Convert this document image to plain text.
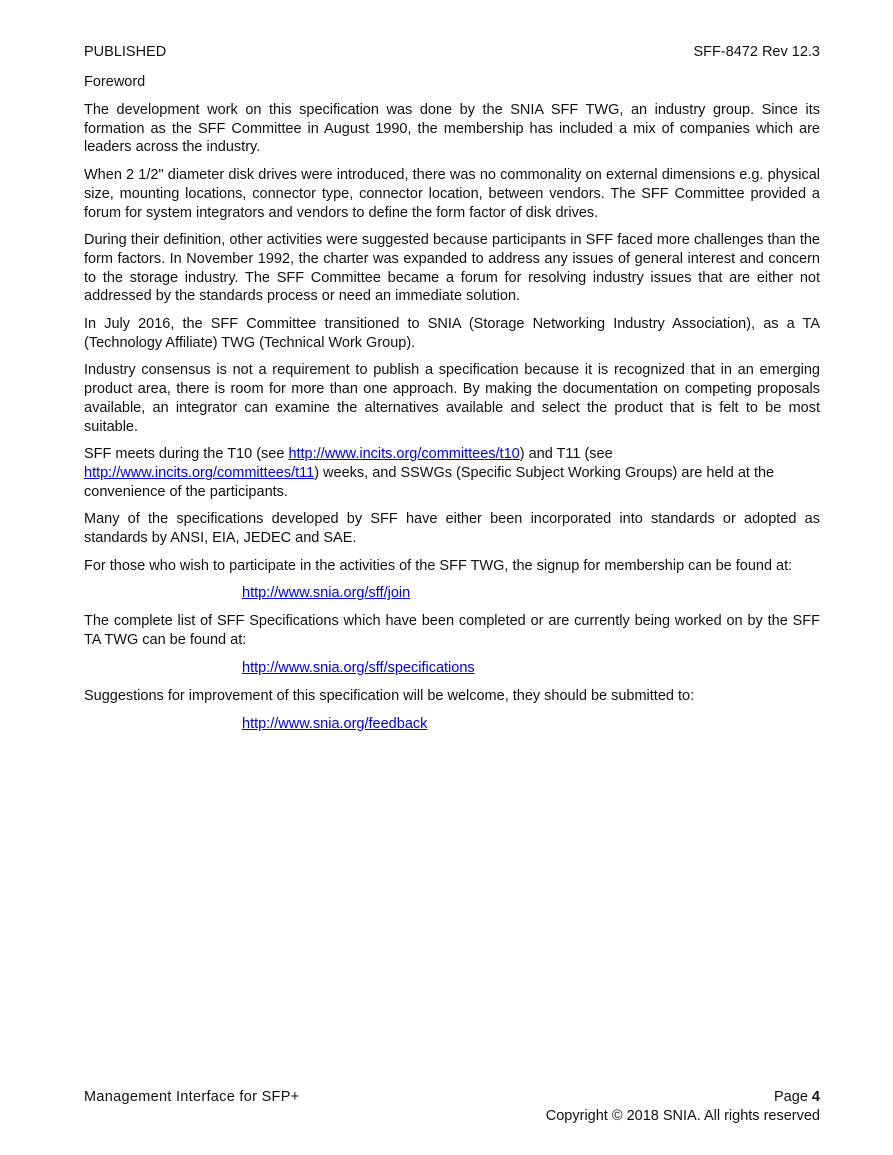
PUBLISHED	SFF-8472 Rev 12.3
Foreword

The development work on this specification was done by the SNIA SFF TWG, an industry group. Since its formation as the SFF Committee in August 1990, the membership has included a mix of companies which are leaders across the industry.

When 2 1/2" diameter disk drives were introduced, there was no commonality on external dimensions e.g. physical size, mounting locations, connector type, connector location, between vendors. The SFF Committee provided a forum for system integrators and vendors to define the form factor of disk drives.

During their definition, other activities were suggested because participants in SFF faced more challenges than the form factors. In November 1992, the charter was expanded to address any issues of general interest and concern to the storage industry. The SFF Committee became a forum for resolving industry issues that are either not addressed by the standards process or need an immediate solution.

In July 2016, the SFF Committee transitioned to SNIA (Storage Networking Industry Association), as a TA (Technology Affiliate) TWG (Technical Work Group).

Industry consensus is not a requirement to publish a specification because it is recognized that in an emerging product area, there is room for more than one approach. By making the documentation on competing proposals available, an integrator can examine the alternatives available and select the product that is felt to be most suitable.

SFF meets during the T10 (see http://www.incits.org/committees/t10) and T11 (see
http://www.incits.org/committees/t11) weeks, and SSWGs (Specific Subject Working Groups) are held at the convenience of the participants.

Many of the specifications developed by SFF have either been incorporated into standards or adopted as standards by ANSI, EIA, JEDEC and SAE.

For those who wish to participate in the activities of the SFF TWG, the signup for membership can be found at:

http://www.snia.org/sff/join

The complete list of SFF Specifications which have been completed or are currently being worked on by the SFF TA TWG can be found at:

http://www.snia.org/sff/specifications

Suggestions for improvement of this specification will be welcome, they should be submitted to:

http://www.snia.org/feedback
Management Interface for SFP+	Page 4
Copyright © 2018 SNIA. All rights reserved
